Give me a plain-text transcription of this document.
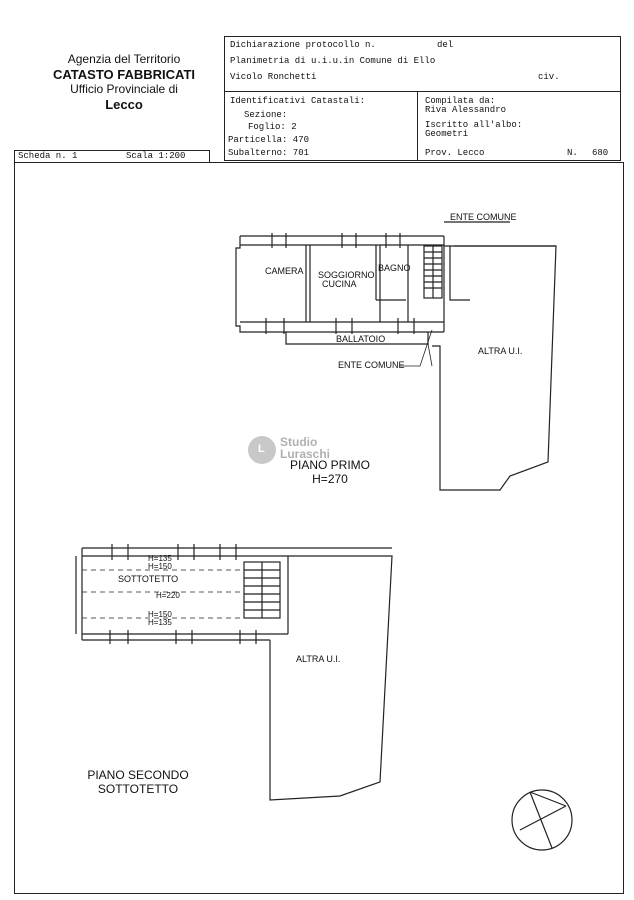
Agenzia del Territorio
CATASTO FABBRICATI
Ufficio Provinciale di
Lecco
Dichiarazione protocollo n.	del
Planimetria di u.i.u.in Comune di Ello
Vicolo Ronchetti	civ.
Identificativi Catastali:
Sezione:
Foglio: 2
Particella: 470
Subalterno: 701
Compilata da:
Riva Alessandro
Iscritto all'albo:
Geometri
Prov. Lecco	N. 680
Scheda n. 1	Scala 1:200
L Studio
Luraschi
ENTE COMUNE
CAMERA SOGGIORNO
CUCINA
BAGNO
BALLATOIO
ENTE COMUNE
ALTRA U.I.
PIANO PRIMO
H=270
H=135
H=150
SOTTOTETTO
H=220
H=150
H=135
ALTRA U.I.
PIANO SECONDO
SOTTOTETTO
